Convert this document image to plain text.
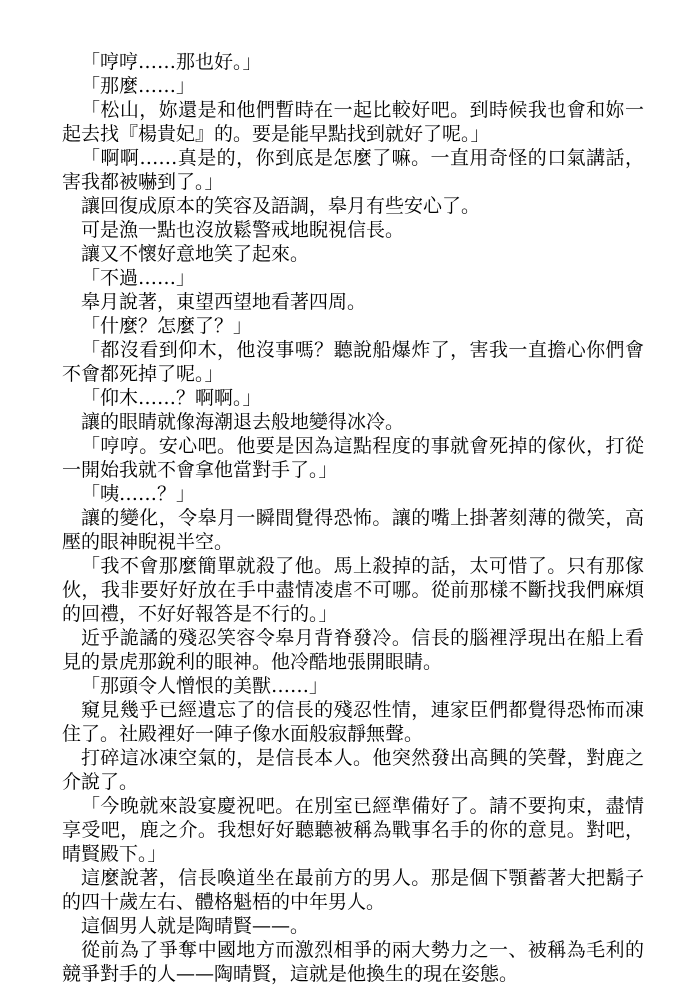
「哼哼……那也好。」

「那麼……」

「松山，妳還是和他們暫時在一起比較好吧。到時候我也會和妳一起去找『楊貴妃』的。要是能早點找到就好了呢。」

「啊啊……真是的，你到底是怎麼了嘛。一直用奇怪的口氣講話，害我都被嚇到了。」

讓回復成原本的笑容及語調，皋月有些安心了。

可是漁一點也沒放鬆警戒地睨視信長。

讓又不懷好意地笑了起來。

「不過……」

皋月說著，東望西望地看著四周。

「什麼？怎麼了？」

「都沒看到仰木，他沒事嗎？聽說船爆炸了，害我一直擔心你們會不會都死掉了呢。」

「仰木……？啊啊。」

讓的眼睛就像海潮退去般地變得冰冷。

「哼哼。安心吧。他要是因為這點程度的事就會死掉的傢伙，打從一開始我就不會拿他當對手了。」

「咦……？」

讓的變化，令皋月一瞬間覺得恐怖。讓的嘴上掛著刻薄的微笑，高壓的眼神睨視半空。

「我不會那麼簡單就殺了他。馬上殺掉的話，太可惜了。只有那傢伙，我非要好好放在手中盡情凌虐不可哪。從前那樣不斷找我們麻煩的回禮，不好好報答是不行的。」

近乎詭譎的殘忍笑容令皋月背脊發冷。信長的腦裡浮現出在船上看見的景虎那銳利的眼神。他冷酷地張開眼睛。

「那頭令人憎恨的美獸……」

窺見幾乎已經遺忘了的信長的殘忍性情，連家臣們都覺得恐怖而凍住了。社殿裡好一陣子像水面般寂靜無聲。

打碎這冰凍空氣的，是信長本人。他突然發出高興的笑聲，對鹿之介說了。

「今晚就來設宴慶祝吧。在別室已經準備好了。請不要拘束，盡情享受吧，鹿之介。我想好好聽聽被稱為戰事名手的你的意見。對吧，晴賢殿下。」

這麼說著，信長喚道坐在最前方的男人。那是個下顎蓄著大把鬍子的四十歲左右、體格魁梧的中年男人。

這個男人就是陶晴賢——。

從前為了爭奪中國地方而激烈相爭的兩大勢力之一、被稱為毛利的競爭對手的人——陶晴賢，這就是他換生的現在姿態。
